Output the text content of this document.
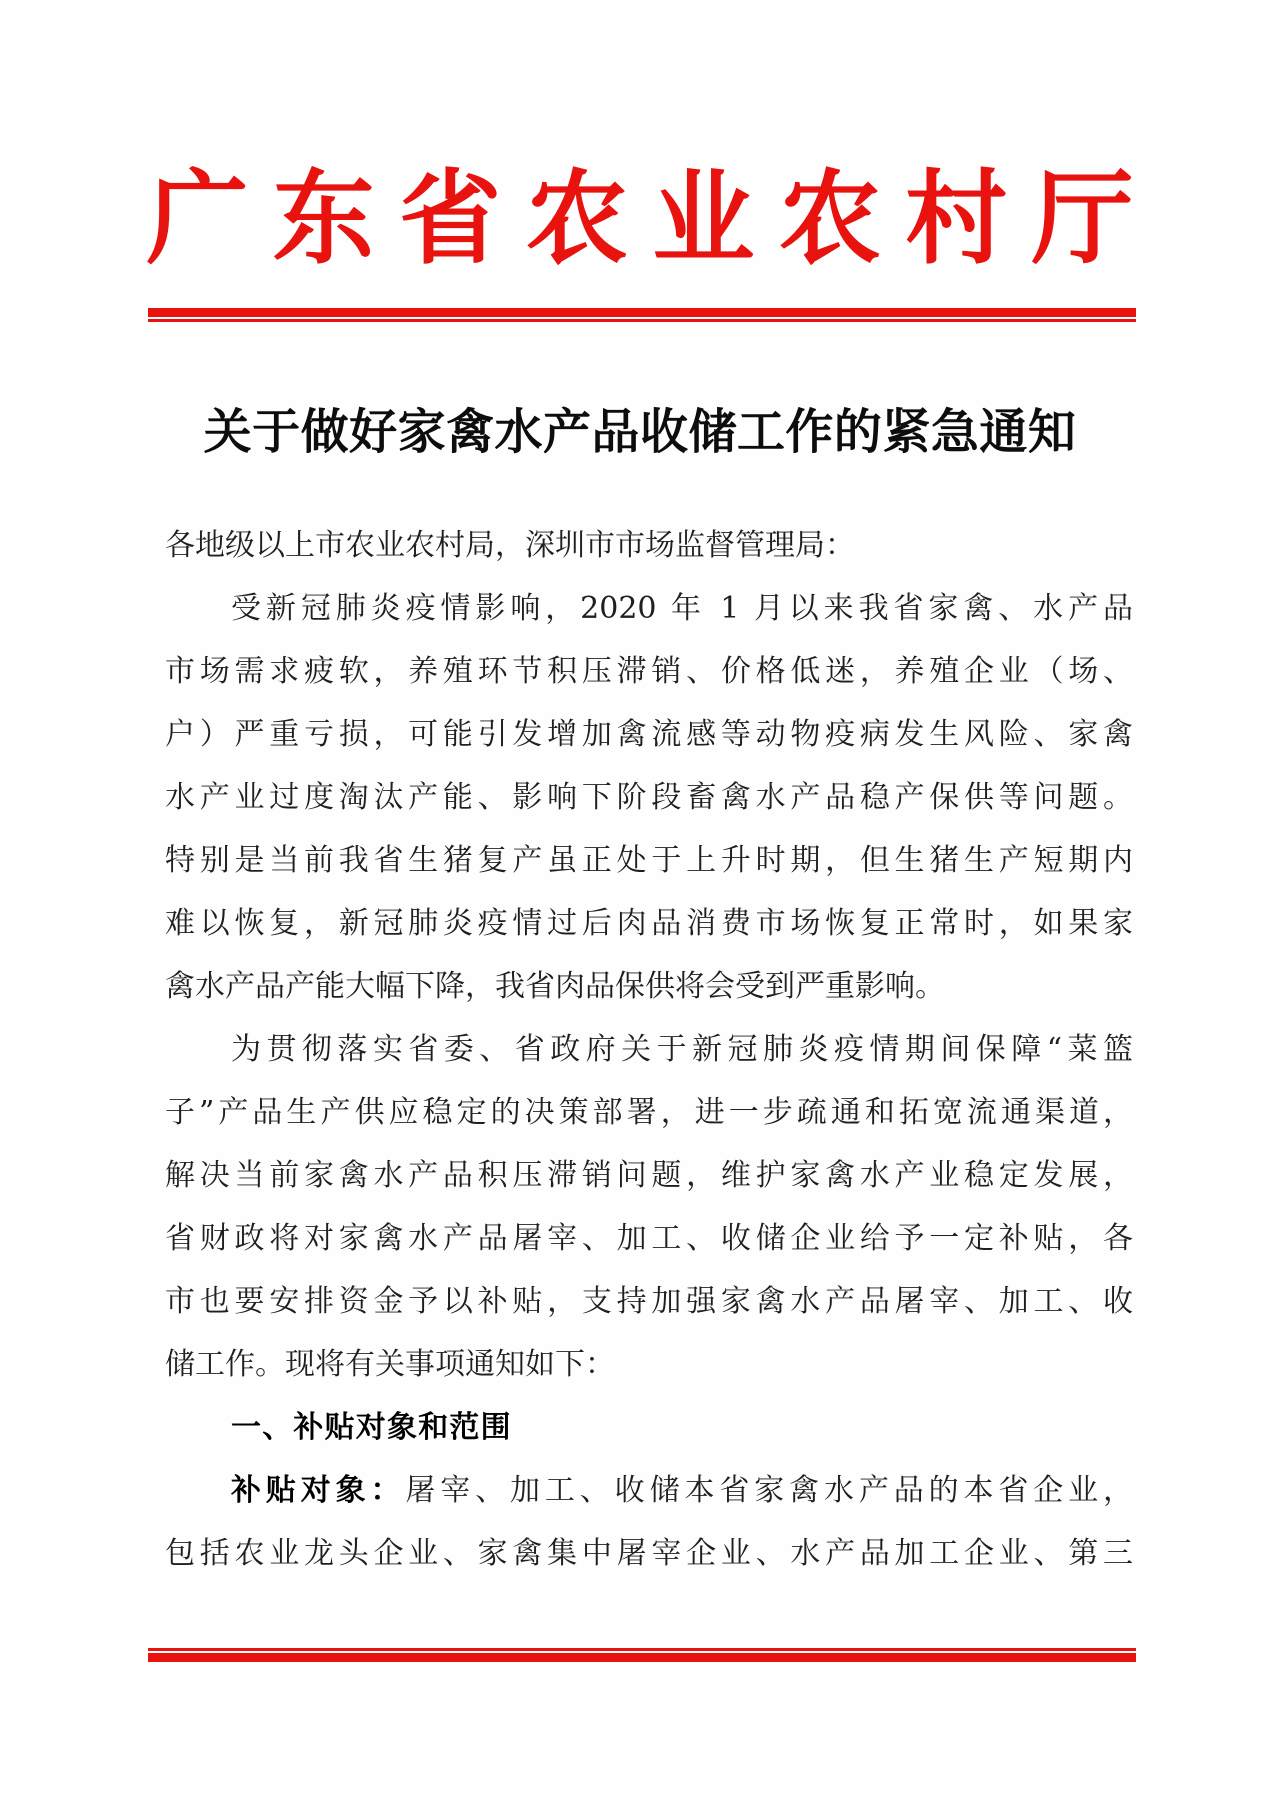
广东省农业农村厅
关于做好家禽水产品收储工作的紧急通知
各地级以上市农业农村局，深圳市市场监督管理局：
受新冠肺炎疫情影响，2020 年 1 月以来我省家禽、水产品
市场需求疲软，养殖环节积压滞销、价格低迷，养殖企业（场、
户）严重亏损，可能引发增加禽流感等动物疫病发生风险、家禽
水产业过度淘汰产能、影响下阶段畜禽水产品稳产保供等问题。
特别是当前我省生猪复产虽正处于上升时期，但生猪生产短期内
难以恢复，新冠肺炎疫情过后肉品消费市场恢复正常时，如果家
禽水产品产能大幅下降，我省肉品保供将会受到严重影响。
为贯彻落实省委、省政府关于新冠肺炎疫情期间保障“菜篮
子”产品生产供应稳定的决策部署，进一步疏通和拓宽流通渠道，
解决当前家禽水产品积压滞销问题，维护家禽水产业稳定发展，
省财政将对家禽水产品屠宰、加工、收储企业给予一定补贴，各
市也要安排资金予以补贴，支持加强家禽水产品屠宰、加工、收
储工作。现将有关事项通知如下：
一、补贴对象和范围
补贴对象：屠宰、加工、收储本省家禽水产品的本省企业，
包括农业龙头企业、家禽集中屠宰企业、水产品加工企业、第三
